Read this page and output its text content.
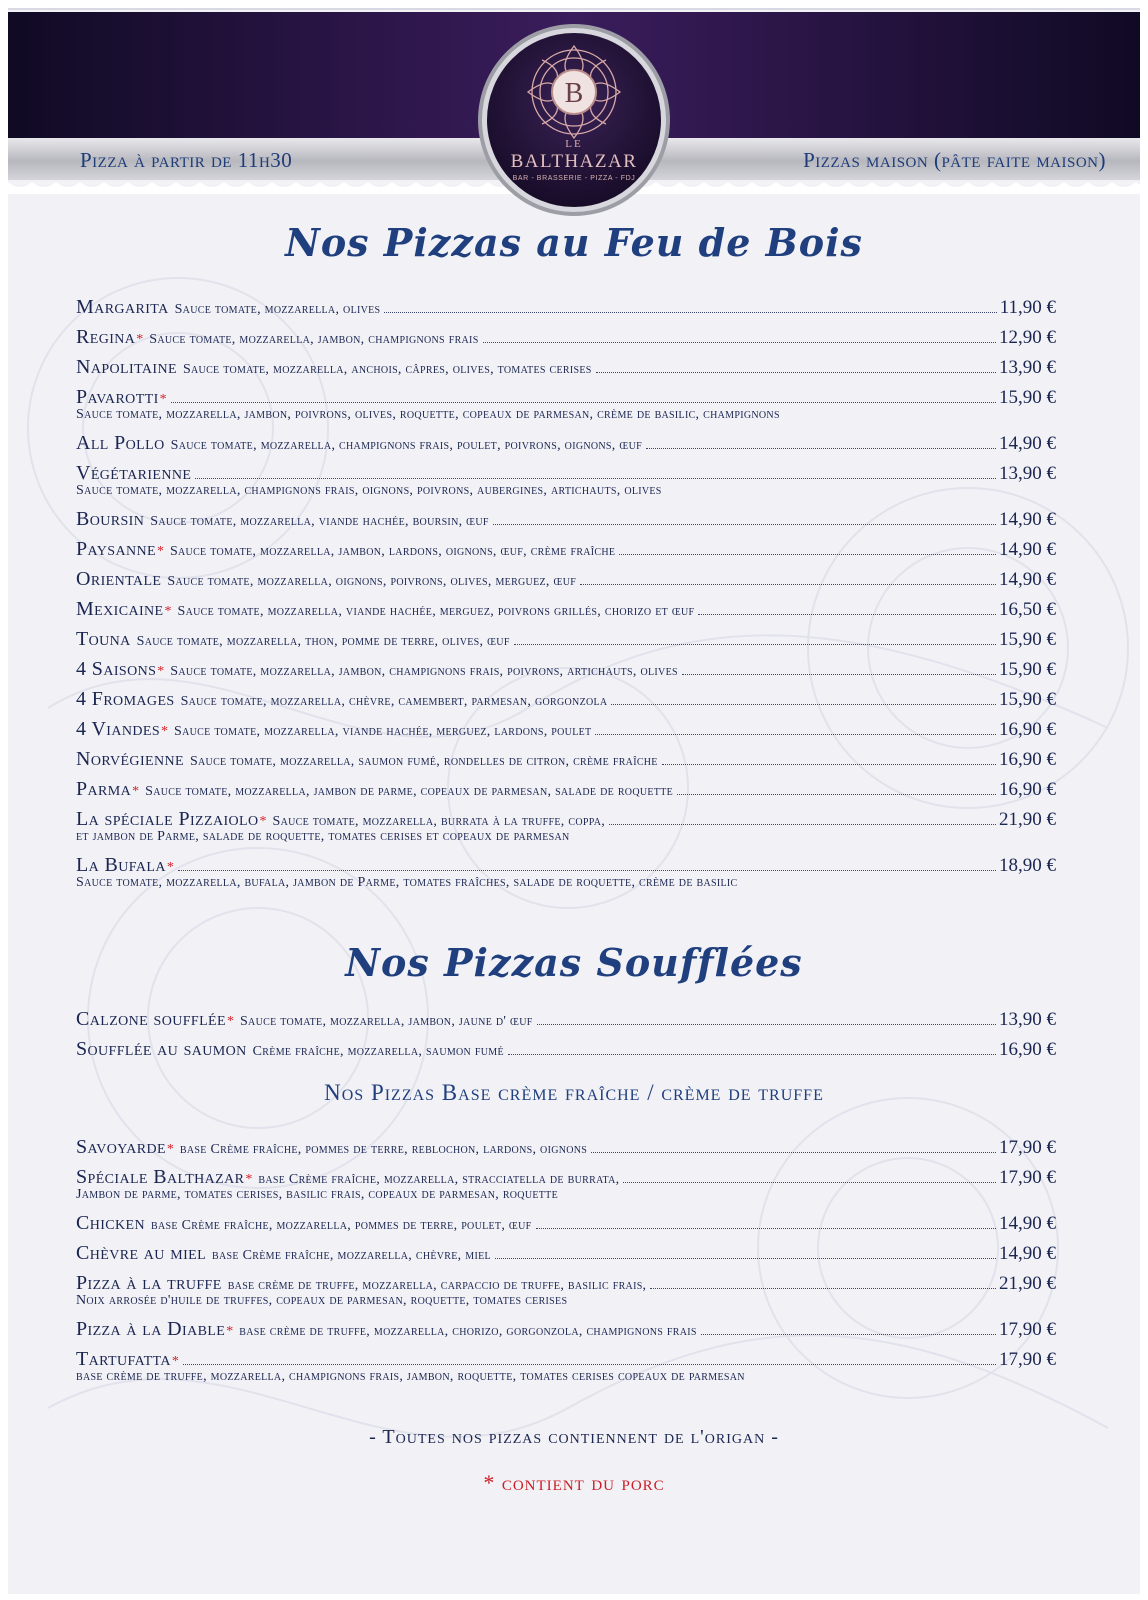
Pizza à partir de 11h30	Pizzas maison (pâte faite maison)
B
LE
BALTHAZAR
BAR - BRASSERIE - PIZZA - FDJ
Nos Pizzas au Feu de Bois
Margarita Sauce tomate, mozzarella, olives	11,90 €
Regina * Sauce tomate, mozzarella, jambon, champignons frais	12,90 €
Napolitaine Sauce tomate, mozzarella, anchois, câpres, olives, tomates cerises	13,90 €
Pavarotti *	15,90 €
Sauce tomate, mozzarella, jambon, poivrons, olives, roquette, copeaux de parmesan, crème de basilic, champignons
All Pollo Sauce tomate, mozzarella, champignons frais, poulet, poivrons, oignons, œuf	14,90 €
Végétarienne	13,90 €
Sauce tomate, mozzarella, champignons frais, oignons, poivrons, aubergines, artichauts, olives
Boursin Sauce tomate, mozzarella, viande hachée, boursin, œuf	14,90 €
Paysanne * Sauce tomate, mozzarella, jambon, lardons, oignons, œuf, crème fraîche	14,90 €
Orientale Sauce tomate, mozzarella, oignons, poivrons, olives, merguez, œuf	14,90 €
Mexicaine * Sauce tomate, mozzarella, viande hachée, merguez, poivrons grillés, chorizo et œuf	16,50 €
Touna Sauce tomate, mozzarella, thon, pomme de terre, olives, œuf	15,90 €
4 Saisons * Sauce tomate, mozzarella, jambon, champignons frais, poivrons, artichauts, olives	15,90 €
4 Fromages Sauce tomate, mozzarella, chèvre, camembert, parmesan, gorgonzola	15,90 €
4 Viandes * Sauce tomate, mozzarella, viande hachée, merguez, lardons, poulet	16,90 €
Norvégienne Sauce tomate, mozzarella, saumon fumé, rondelles de citron, crème fraîche	16,90 €
Parma * Sauce tomate, mozzarella, jambon de parme, copeaux de parmesan, salade de roquette	16,90 €
La spéciale Pizzaiolo * Sauce tomate, mozzarella, burrata à la truffe, coppa,	21,90 €
et jambon de Parme, salade de roquette, tomates cerises et copeaux de parmesan
La Bufala *	18,90 €
Sauce tomate, mozzarella, bufala, jambon de Parme, tomates fraîches, salade de roquette, crème de basilic
Nos Pizzas Soufflées
Calzone soufflée * Sauce tomate, mozzarella, jambon, jaune d' œuf	13,90 €
Soufflée au saumon Crème fraîche, mozzarella, saumon fumé	16,90 €
Nos Pizzas Base crème fraîche / crème de truffe
Savoyarde * base Crème fraîche, pommes de terre, reblochon, lardons, oignons	17,90 €
Spéciale Balthazar * base Crème fraîche, mozzarella, stracciatella de burrata,	17,90 €
Jambon de parme, tomates cerises, basilic frais, copeaux de parmesan, roquette
Chicken base Crème fraîche, mozzarella, pommes de terre, poulet, œuf	14,90 €
Chèvre au miel base Crème fraîche, mozzarella, chèvre, miel	14,90 €
Pizza à la truffe base crème de truffe, mozzarella, carpaccio de truffe, basilic frais,	21,90 €
Noix arrosée d'huile de truffes, copeaux de parmesan, roquette, tomates cerises
Pizza à la Diable * base crème de truffe, mozzarella, chorizo, gorgonzola, champignons frais	17,90 €
Tartufatta *	17,90 €
base crème de truffe, mozzarella, champignons frais, jambon, roquette, tomates cerises copeaux de parmesan
- Toutes nos pizzas contiennent de l'origan -
* contient du porc
